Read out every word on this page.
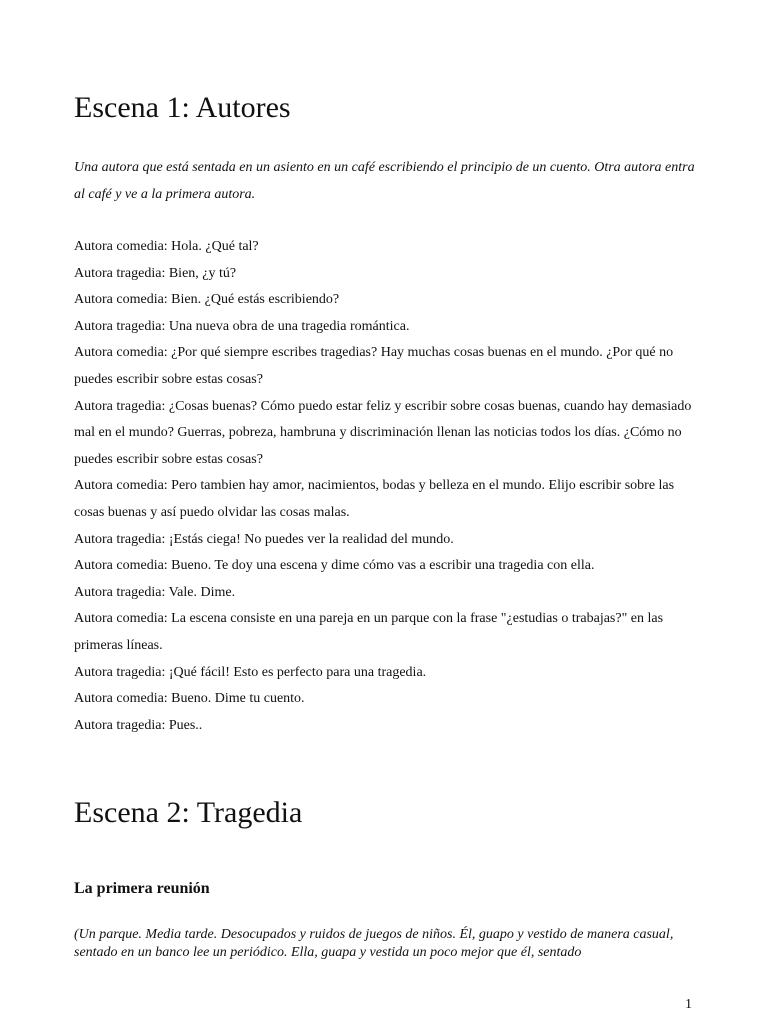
Escena 1: Autores

Una autora que está sentada en un asiento en un café escribiendo el principio de un cuento. Otra autora entra al café y ve a la primera autora.

Autora comedia: Hola. ¿Qué tal?
Autora tragedia: Bien, ¿y tú?
Autora comedia: Bien. ¿Qué estás escribiendo?
Autora tragedia: Una nueva obra de una tragedia romántica.
Autora comedia: ¿Por qué siempre escribes tragedias? Hay muchas cosas buenas en el mundo. ¿Por qué no puedes escribir sobre estas cosas?
Autora tragedia: ¿Cosas buenas? Cómo puedo estar feliz y escribir sobre cosas buenas, cuando hay demasiado mal en el mundo? Guerras, pobreza, hambruna y discriminación llenan las noticias todos los días. ¿Cómo no puedes escribir sobre estas cosas?
Autora comedia: Pero tambien hay amor, nacimientos, bodas y belleza en el mundo. Elijo escribir sobre las cosas buenas y así puedo olvidar las cosas malas.
Autora tragedia: ¡Estás ciega! No puedes ver la realidad del mundo.
Autora comedia: Bueno. Te doy una escena y dime cómo vas a escribir una tragedia con ella.
Autora tragedia: Vale. Dime.
Autora comedia: La escena consiste en una pareja en un parque con la frase "¿estudias o trabajas?" en las primeras líneas.
Autora tragedia: ¡Qué fácil! Esto es perfecto para una tragedia.
Autora comedia: Bueno. Dime tu cuento.
Autora tragedia: Pues..
Escena 2: Tragedia
La primera reunión

(Un parque. Media tarde. Desocupados y ruidos de juegos de niños. Él, guapo y vestido de manera casual, sentado en un banco lee un periódico. Ella, guapa y vestida un poco mejor que él, sentado

1
